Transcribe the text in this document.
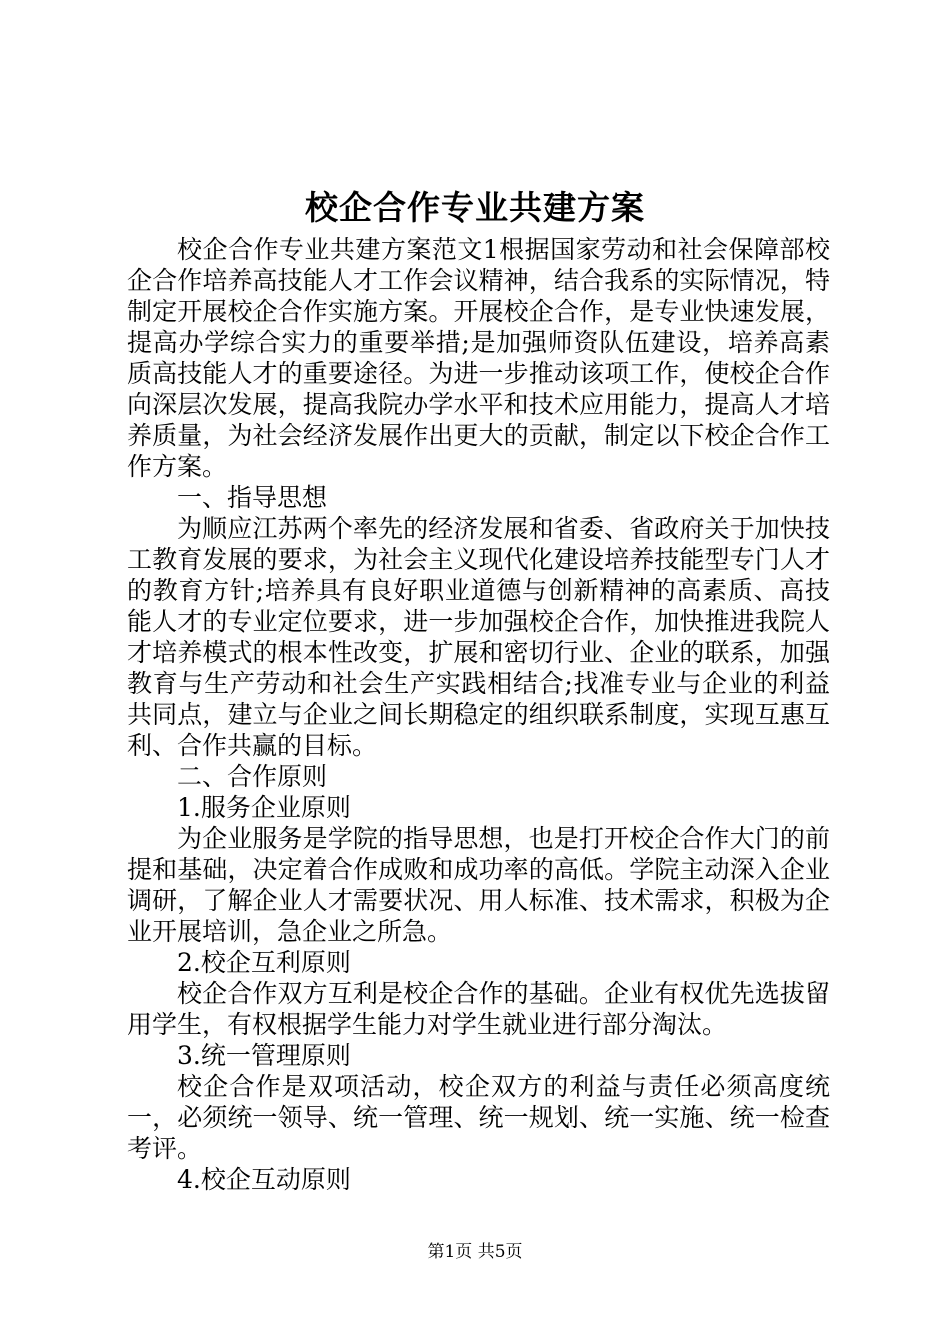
校企合作专业共建方案

校企合作专业共建方案范文1根据国家劳动和社会保障部校企合作培养高技能人才工作会议精神，结合我系的实际情况，特制定开展校企合作实施方案。开展校企合作，是专业快速发展，提高办学综合实力的重要举措;是加强师资队伍建设，培养高素质高技能人才的重要途径。为进一步推动该项工作，使校企合作向深层次发展，提高我院办学水平和技术应用能力，提高人才培养质量，为社会经济发展作出更大的贡献，制定以下校企合作工作方案。

一、指导思想

为顺应江苏两个率先的经济发展和省委、省政府关于加快技工教育发展的要求，为社会主义现代化建设培养技能型专门人才的教育方针;培养具有良好职业道德与创新精神的高素质、高技能人才的专业定位要求，进一步加强校企合作，加快推进我院人才培养模式的根本性改变，扩展和密切行业、企业的联系，加强教育与生产劳动和社会生产实践相结合;找准专业与企业的利益共同点，建立与企业之间长期稳定的组织联系制度，实现互惠互利、合作共赢的目标。

二、合作原则

1.服务企业原则

为企业服务是学院的指导思想，也是打开校企合作大门的前提和基础，决定着合作成败和成功率的高低。学院主动深入企业调研，了解企业人才需要状况、用人标准、技术需求，积极为企业开展培训，急企业之所急。

2.校企互利原则

校企合作双方互利是校企合作的基础。企业有权优先选拔留用学生，有权根据学生能力对学生就业进行部分淘汰。

3.统一管理原则

校企合作是双项活动，校企双方的利益与责任必须高度统一，必须统一领导、统一管理、统一规划、统一实施、统一检查考评。

4.校企互动原则

第1页 共5页
